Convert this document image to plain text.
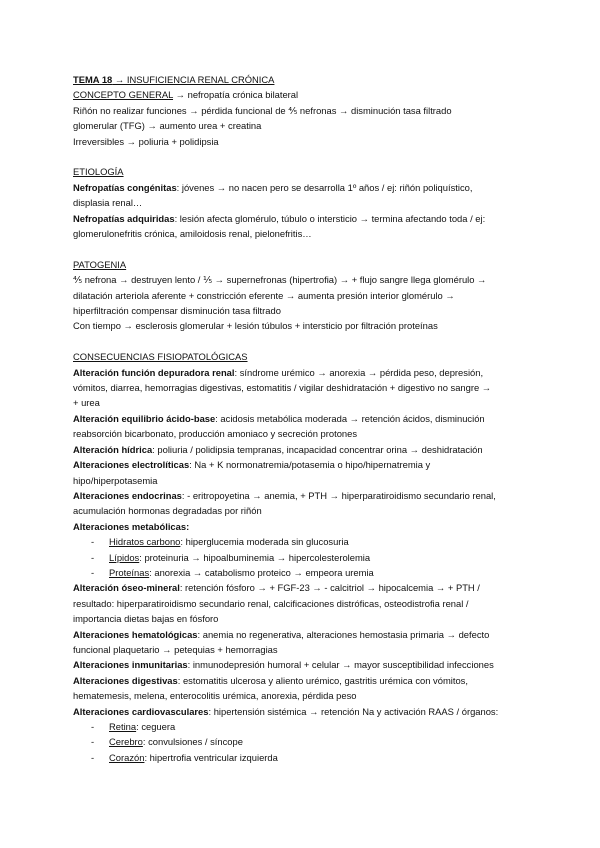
TEMA 18 → INSUFICIENCIA RENAL CRÓNICA
CONCEPTO GENERAL → nefropatía crónica bilateral
Riñón no realizar funciones → pérdida funcional de ⅘ nefronas → disminución tasa filtrado
glomerular (TFG) → aumento urea + creatina
Irreversibles → poliuria + polidipsia
ETIOLOGÍA
Nefropatías congénitas: jóvenes → no nacen pero se desarrolla 1º años / ej: riñón poliquístico,
displasia renal…
Nefropatías adquiridas: lesión afecta glomérulo, túbulo o intersticio → termina afectando toda / ej:
glomerulonefritis crónica, amiloidosis renal, pielonefritis…
PATOGENIA
⅘ nefrona → destruyen lento / ⅕ → supernefronas (hipertrofia) → + flujo sangre llega glomérulo →
dilatación arteriola aferente + constricción eferente → aumenta presión interior glomérulo →
hiperfiltración compensar disminución tasa filtrado
Con tiempo → esclerosis glomerular + lesión túbulos + intersticio por filtración proteínas
CONSECUENCIAS FISIOPATOLÓGICAS
Alteración función depuradora renal: síndrome urémico → anorexia → pérdida peso, depresión,
vómitos, diarrea, hemorragias digestivas, estomatitis / vigilar deshidratación + digestivo no sangre →
+ urea
Alteración equilibrio ácido-base: acidosis metabólica moderada → retención ácidos, disminución
reabsorción bicarbonato, producción amoniaco y secreción protones
Alteración hídrica: poliuria / polidipsia tempranas, incapacidad concentrar orina → deshidratación
Alteraciones electrolíticas: Na + K normonatremia/potasemia o hipo/hipernatremia y
hipo/hiperpotasemia
Alteraciones endocrinas: - eritropoyetina → anemia, + PTH → hiperparatiroidismo secundario renal,
acumulación hormonas degradadas por riñón
Alteraciones metabólicas:
- Hidratos carbono: hiperglucemia moderada sin glucosuria
- Lípidos: proteinuria → hipoalbuminemia → hipercolesterolemia
- Proteínas: anorexia → catabolismo proteico → empeora uremia
Alteración óseo-mineral: retención fósforo → + FGF-23 → - calcitriol → hipocalcemia → + PTH /
resultado: hiperparatiroidismo secundario renal, calcificaciones distróficas, osteodistrofia renal /
importancia dietas bajas en fósforo
Alteraciones hematológicas: anemia no regenerativa, alteraciones hemostasia primaria → defecto
funcional plaquetario → petequias + hemorragias
Alteraciones inmunitarias: inmunodepresión humoral + celular → mayor susceptibilidad infecciones
Alteraciones digestivas: estomatitis ulcerosa y aliento urémico, gastritis urémica con vómitos,
hematemesis, melena, enterocolitis urémica, anorexia, pérdida peso
Alteraciones cardiovasculares: hipertensión sistémica → retención Na y activación RAAS / órganos:
- Retina: ceguera
- Cerebro: convulsiones / síncope
- Corazón: hipertrofia ventricular izquierda
